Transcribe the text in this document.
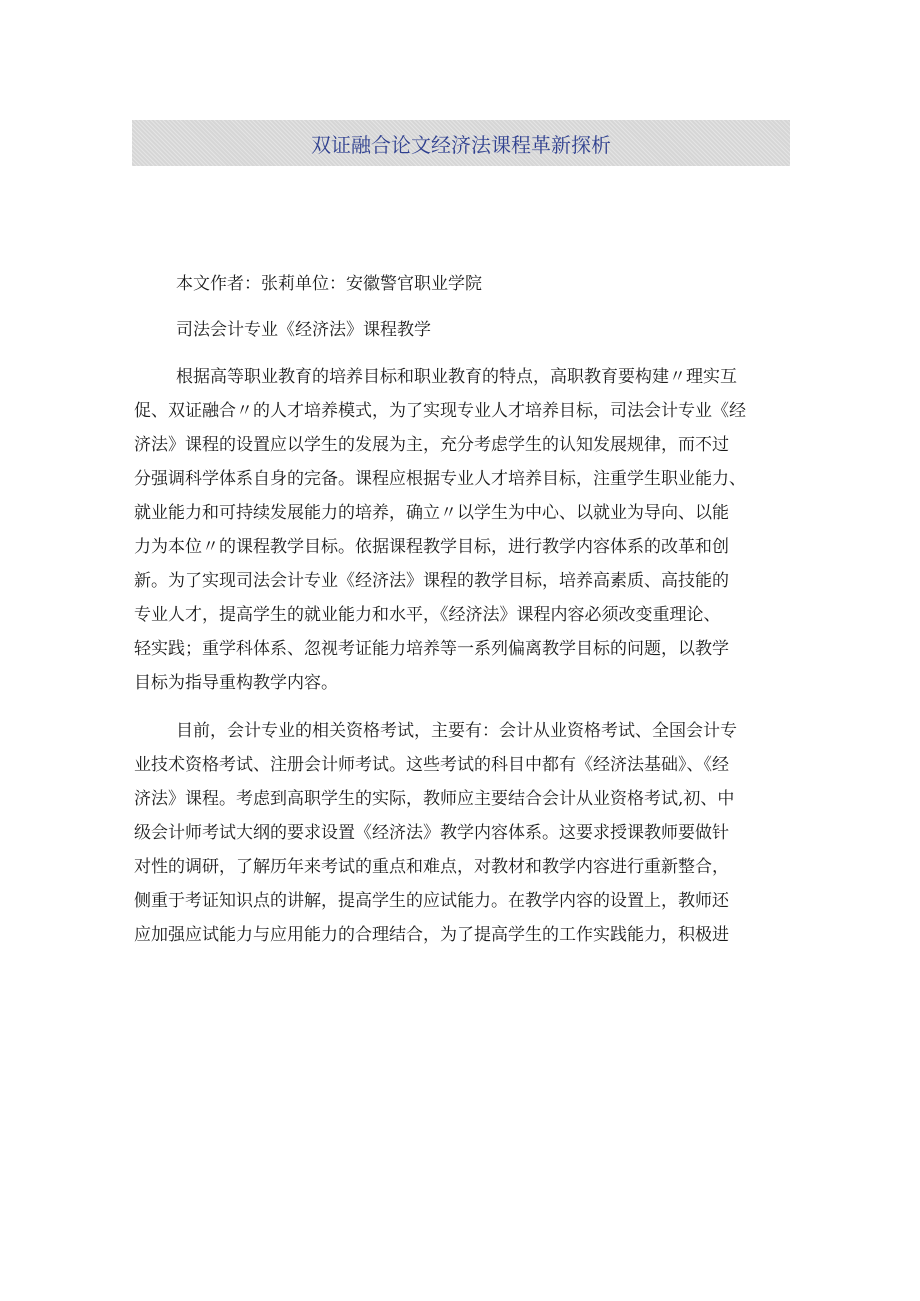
双证融合论文经济法课程革新探析
本文作者：张莉单位：安徽警官职业学院
司法会计专业《经济法》课程教学
根据高等职业教育的培养目标和职业教育的特点，高职教育要构建〃理实互
促、双证融合〃的人才培养模式，为了实现专业人才培养目标，司法会计专业《经
济法》课程的设置应以学生的发展为主，充分考虑学生的认知发展规律，而不过
分强调科学体系自身的完备。课程应根据专业人才培养目标，注重学生职业能力、
就业能力和可持续发展能力的培养，确立〃以学生为中心、以就业为导向、以能
力为本位〃的课程教学目标。依据课程教学目标，进行教学内容体系的改革和创
新。为了实现司法会计专业《经济法》课程的教学目标，培养高素质、高技能的
专业人才，提高学生的就业能力和水平，《经济法》课程内容必须改变重理论、
轻实践；重学科体系、忽视考证能力培养等一系列偏离教学目标的问题，以教学
目标为指导重构教学内容。
目前，会计专业的相关资格考试，主要有：会计从业资格考试、全国会计专
业技术资格考试、注册会计师考试。这些考试的科目中都有《经济法基础》、《经
济法》课程。考虑到高职学生的实际，教师应主要结合会计从业资格考试,初、中
级会计师考试大纲的要求设置《经济法》教学内容体系。这要求授课教师要做针
对性的调研，了解历年来考试的重点和难点，对教材和教学内容进行重新整合，
侧重于考证知识点的讲解，提高学生的应试能力。在教学内容的设置上，教师还
应加强应试能力与应用能力的合理结合，为了提高学生的工作实践能力，积极进
